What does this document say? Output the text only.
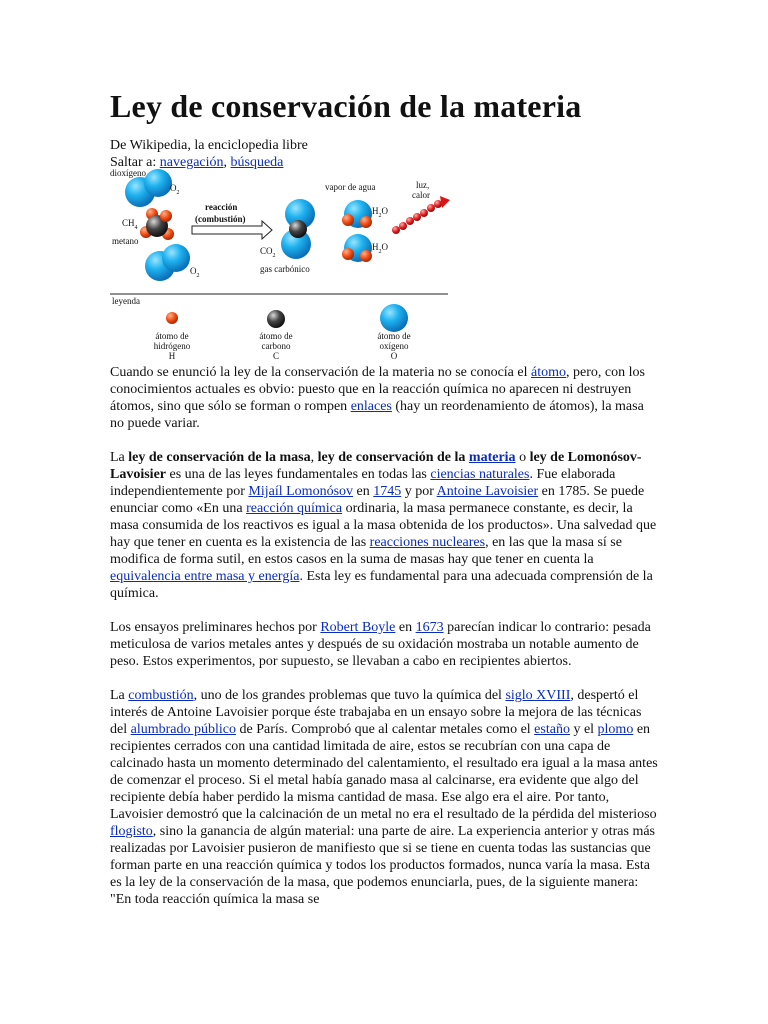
Ley de conservación de la materia
De Wikipedia, la enciclopedia libre
Saltar a: navegación, búsqueda
dioxígeno
$O_2$
$CH_4$
metano
$O_2$
reacción
(combustión)
$CO_2$
gas carbónico
vapor de agua
$H_2O$
$H_2O$
luz,
calor
leyenda
átomo de
hidrógeno
H
átomo de
carbono
C
átomo de
oxígeno
O

Cuando se enunció la ley de la conservación de la materia no se conocía el átomo, pero, con los conocimientos actuales es obvio: puesto que en la reacción química no aparecen ni destruyen átomos, sino que sólo se forman o rompen enlaces (hay un reordenamiento de átomos), la masa no puede variar.

La ley de conservación de la masa, ley de conservación de la materia o ley de Lomonósov-Lavoisier es una de las leyes fundamentales en todas las ciencias naturales. Fue elaborada independientemente por Mijaíl Lomonósov en 1745 y por Antoine Lavoisier en 1785. Se puede enunciar como «En una reacción química ordinaria, la masa permanece constante, es decir, la masa consumida de los reactivos es igual a la masa obtenida de los productos». Una salvedad que hay que tener en cuenta es la existencia de las reacciones nucleares, en las que la masa sí se modifica de forma sutil, en estos casos en la suma de masas hay que tener en cuenta la equivalencia entre masa y energía. Esta ley es fundamental para una adecuada comprensión de la química.

Los ensayos preliminares hechos por Robert Boyle en 1673 parecían indicar lo contrario: pesada meticulosa de varios metales antes y después de su oxidación mostraba un notable aumento de peso. Estos experimentos, por supuesto, se llevaban a cabo en recipientes abiertos.

La combustión, uno de los grandes problemas que tuvo la química del siglo XVIII, despertó el interés de Antoine Lavoisier porque éste trabajaba en un ensayo sobre la mejora de las técnicas del alumbrado público de París. Comprobó que al calentar metales como el estaño y el plomo en recipientes cerrados con una cantidad limitada de aire, estos se recubrían con una capa de calcinado hasta un momento determinado del calentamiento, el resultado era igual a la masa antes de comenzar el proceso. Si el metal había ganado masa al calcinarse, era evidente que algo del recipiente debía haber perdido la misma cantidad de masa. Ese algo era el aire. Por tanto, Lavoisier demostró que la calcinación de un metal no era el resultado de la pérdida del misterioso flogisto, sino la ganancia de algún material: una parte de aire. La experiencia anterior y otras más realizadas por Lavoisier pusieron de manifiesto que si se tiene en cuenta todas las sustancias que forman parte en una reacción química y todos los productos formados, nunca varía la masa. Esta es la ley de la conservación de la masa, que podemos enunciarla, pues, de la siguiente manera: "En toda reacción química la masa se
